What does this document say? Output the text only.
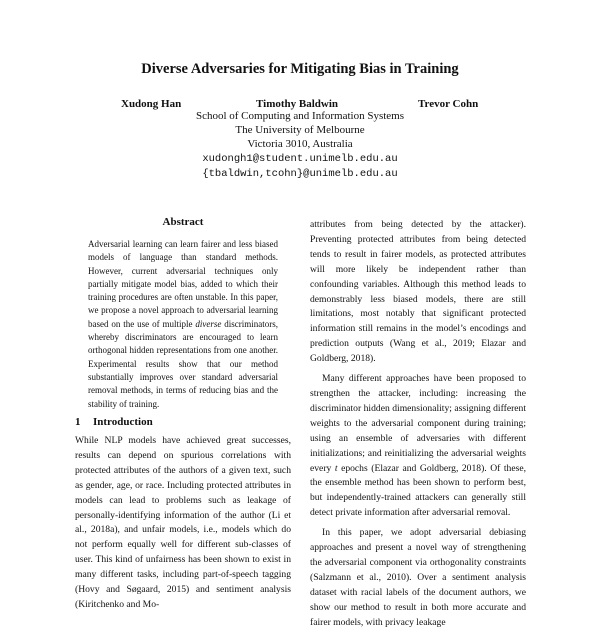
Diverse Adversaries for Mitigating Bias in Training
Xudong Han	Timothy Baldwin	Trevor Cohn
School of Computing and Information Systems
The University of Melbourne
Victoria 3010, Australia
xudongh1@student.unimelb.edu.au
{tbaldwin,tcohn}@unimelb.edu.au
Abstract

Adversarial learning can learn fairer and less biased models of language than standard methods. However, current adversarial techniques only partially mitigate model bias, added to which their training procedures are often unstable. In this paper, we propose a novel approach to adversarial learning based on the use of multiple diverse discriminators, whereby discriminators are encouraged to learn orthogonal hidden representations from one another. Experimental results show that our method substantially improves over standard adversarial removal methods, in terms of reducing bias and the stability of training.

1 Introduction

While NLP models have achieved great successes, results can depend on spurious correlations with protected attributes of the authors of a given text, such as gender, age, or race. Including protected attributes in models can lead to problems such as leakage of personally-identifying information of the author (Li et al., 2018a), and unfair models, i.e., models which do not perform equally well for different sub-classes of user. This kind of unfairness has been shown to exist in many different tasks, including part-of-speech tagging (Hovy and Søgaard, 2015) and sentiment analysis (Kiritchenko and Mo-

attributes from being detected by the attacker). Preventing protected attributes from being detected tends to result in fairer models, as protected attributes will more likely be independent rather than confounding variables. Although this method leads to demonstrably less biased models, there are still limitations, most notably that significant protected information still remains in the model’s encodings and prediction outputs (Wang et al., 2019; Elazar and Goldberg, 2018).

Many different approaches have been proposed to strengthen the attacker, including: increasing the discriminator hidden dimensionality; assigning different weights to the adversarial component during training; using an ensemble of adversaries with different initializations; and reinitializing the adversarial weights every t epochs (Elazar and Goldberg, 2018). Of these, the ensemble method has been shown to perform best, but independently-trained attackers can generally still detect private information after adversarial removal.

In this paper, we adopt adversarial debiasing approaches and present a novel way of strengthening the adversarial component via orthogonality constraints (Salzmann et al., 2010). Over a sentiment analysis dataset with racial labels of the document authors, we show our method to result in both more accurate and fairer models, with privacy leakage
